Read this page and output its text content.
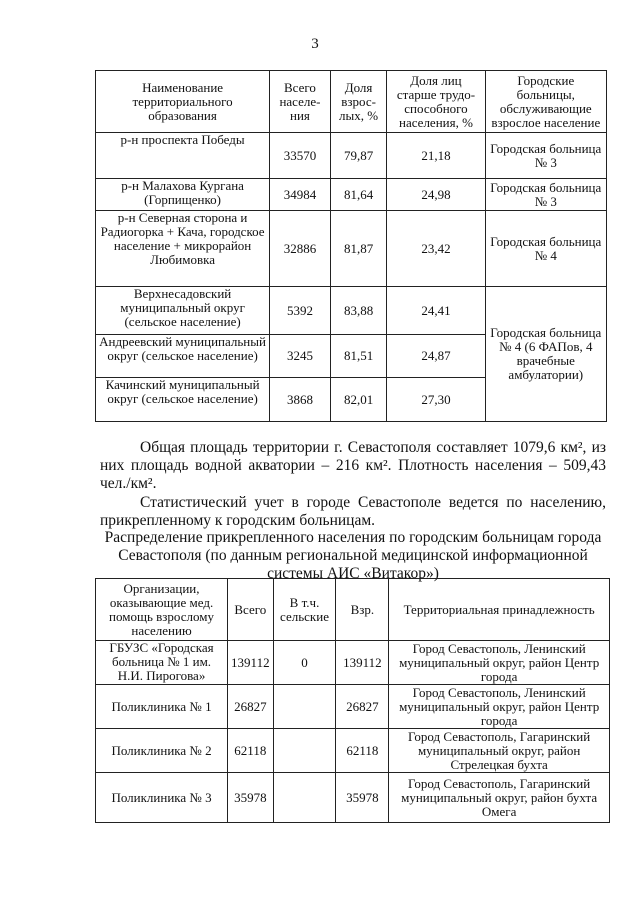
3
Наименование территориального образования	Всего населе-ния	Доля взрос-лых, %	Доля лиц старше трудо-способного населения, %	Городские больницы, обслуживающие взрослое население
р-н проспекта Победы	33570	79,87	21,18	Городская больница № 3
р-н Малахова Кургана (Горпищенко)	34984	81,64	24,98	Городская больница № 3
р-н Северная сторона и Радиогорка + Кача, городское население + микрорайон Любимовка	32886	81,87	23,42	Городская больница № 4
Верхнесадовский муниципальный округ (сельское население)	5392	83,88	24,41	Городская больница № 4 (6 ФАПов, 4 врачебные амбулатории)
Андреевский муниципальный округ (сельское население)	3245	81,51	24,87	
Качинский муниципальный округ (сельское население)	3868	82,01	27,30	

Общая площадь территории г. Севастополя составляет 1079,6 км², из них площадь водной акватории – 216 км². Плотность населения – 509,43 чел./км².

Статистический учет в городе Севастополе ведется по населению, прикрепленному к городским больницам.

Распределение прикрепленного населения по городским больницам города Севастополя (по данным региональной медицинской информационной системы АИС «Витакор»)
Организации, оказывающие мед. помощь взрослому населению	Всего	В т.ч. сельские	Взр.	Территориальная принадлежность
ГБУЗС «Городская больница № 1 им. Н.И. Пирогова»	139112	0	139112	Город Севастополь, Ленинский муниципальный округ, район Центр города
Поликлиника № 1	26827		26827	Город Севастополь, Ленинский муниципальный округ, район Центр города
Поликлиника № 2	62118		62118	Город Севастополь, Гагаринский муниципальный округ, район Стрелецкая бухта
Поликлиника № 3	35978		35978	Город Севастополь, Гагаринский муниципальный округ, район бухта Омега
